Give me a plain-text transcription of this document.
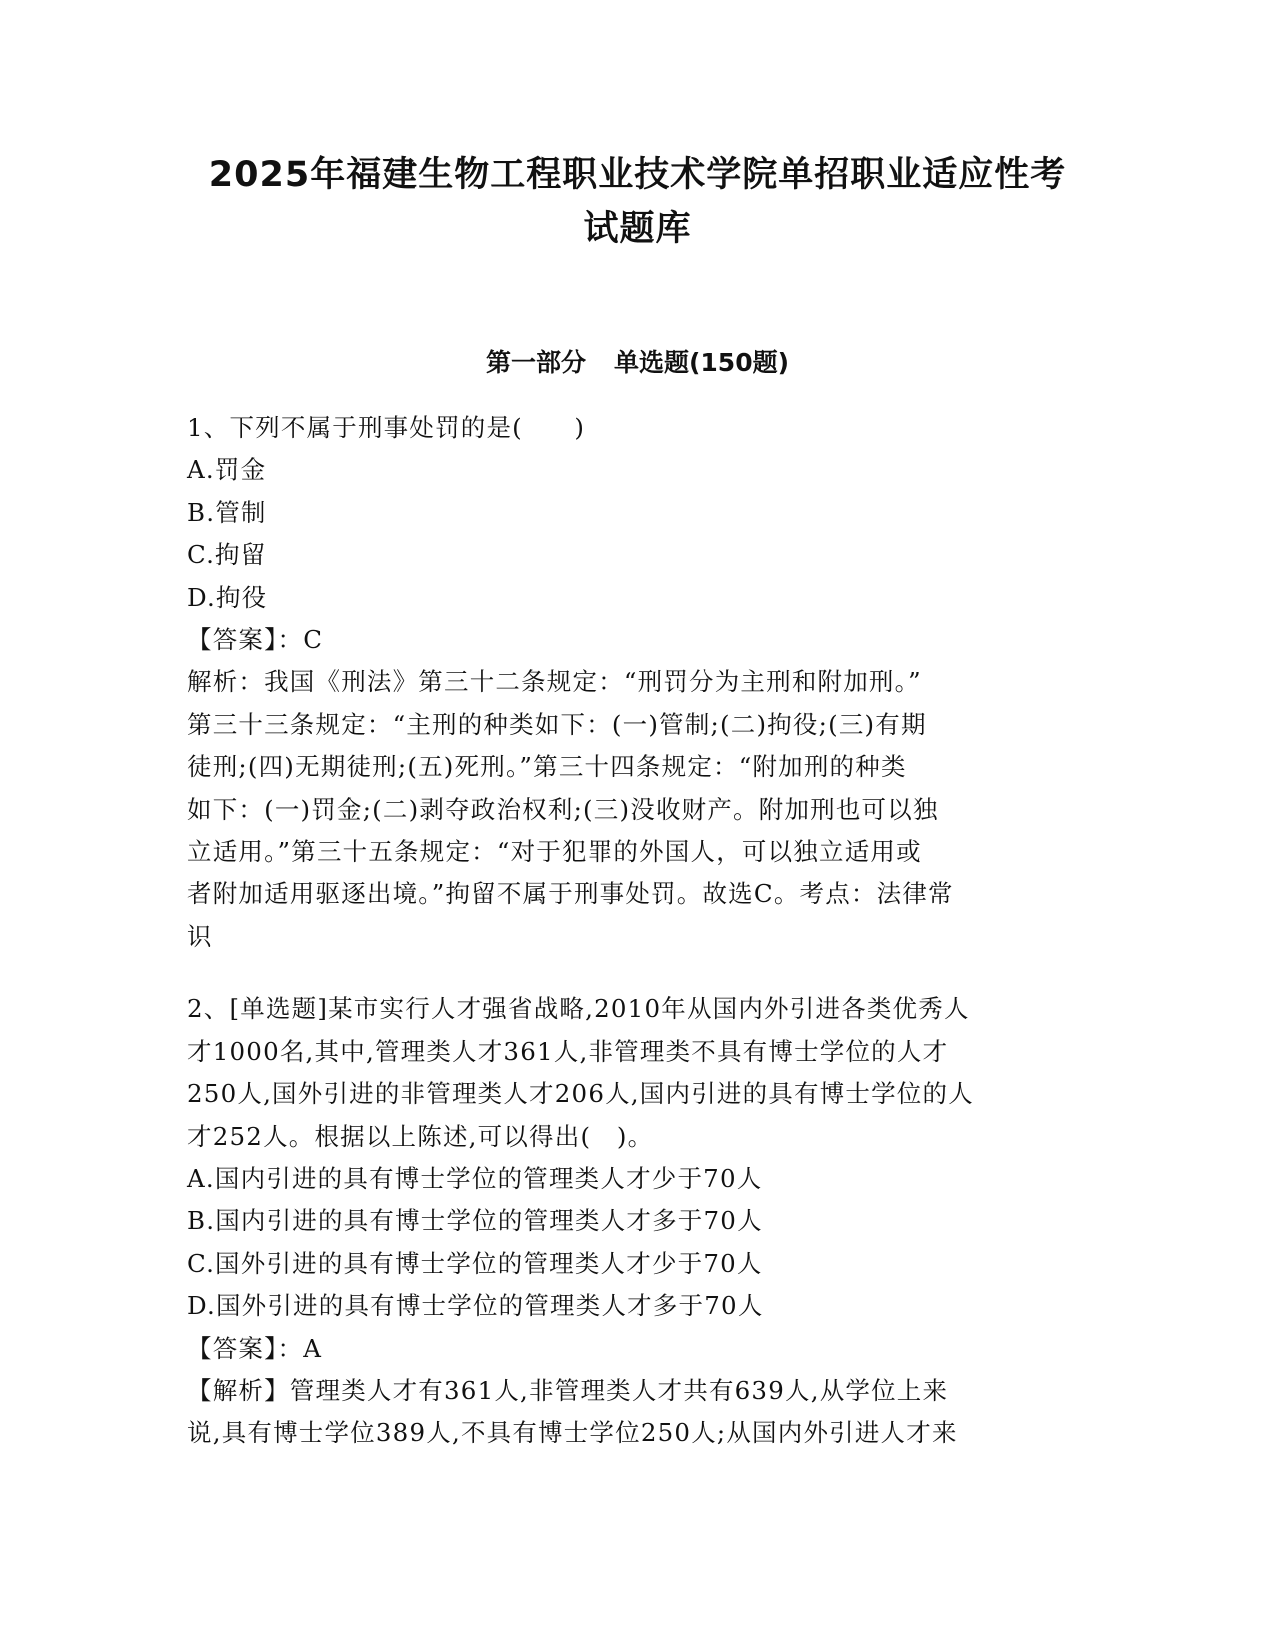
2025年福建生物工程职业技术学院单招职业适应性考
试题库
第一部分 单选题(150题)
1、下列不属于刑事处罚的是(　　)
A.罚金
B.管制
C.拘留
D.拘役
【答案】：C
解析：我国《刑法》第三十二条规定：“刑罚分为主刑和附加刑。”
第三十三条规定：“主刑的种类如下：(一)管制;(二)拘役;(三)有期
徒刑;(四)无期徒刑;(五)死刑。”第三十四条规定：“附加刑的种类
如下：(一)罚金;(二)剥夺政治权利;(三)没收财产。附加刑也可以独
立适用。”第三十五条规定：“对于犯罪的外国人，可以独立适用或
者附加适用驱逐出境。”拘留不属于刑事处罚。故选C。考点：法律常
识
2、[单选题]某市实行人才强省战略,2010年从国内外引进各类优秀人
才1000名,其中,管理类人才361人,非管理类不具有博士学位的人才
250人,国外引进的非管理类人才206人,国内引进的具有博士学位的人
才252人。根据以上陈述,可以得出(　)。
A.国内引进的具有博士学位的管理类人才少于70人
B.国内引进的具有博士学位的管理类人才多于70人
C.国外引进的具有博士学位的管理类人才少于70人
D.国外引进的具有博士学位的管理类人才多于70人
【答案】：A
【解析】管理类人才有361人,非管理类人才共有639人,从学位上来
说,具有博士学位389人,不具有博士学位250人;从国内外引进人才来
